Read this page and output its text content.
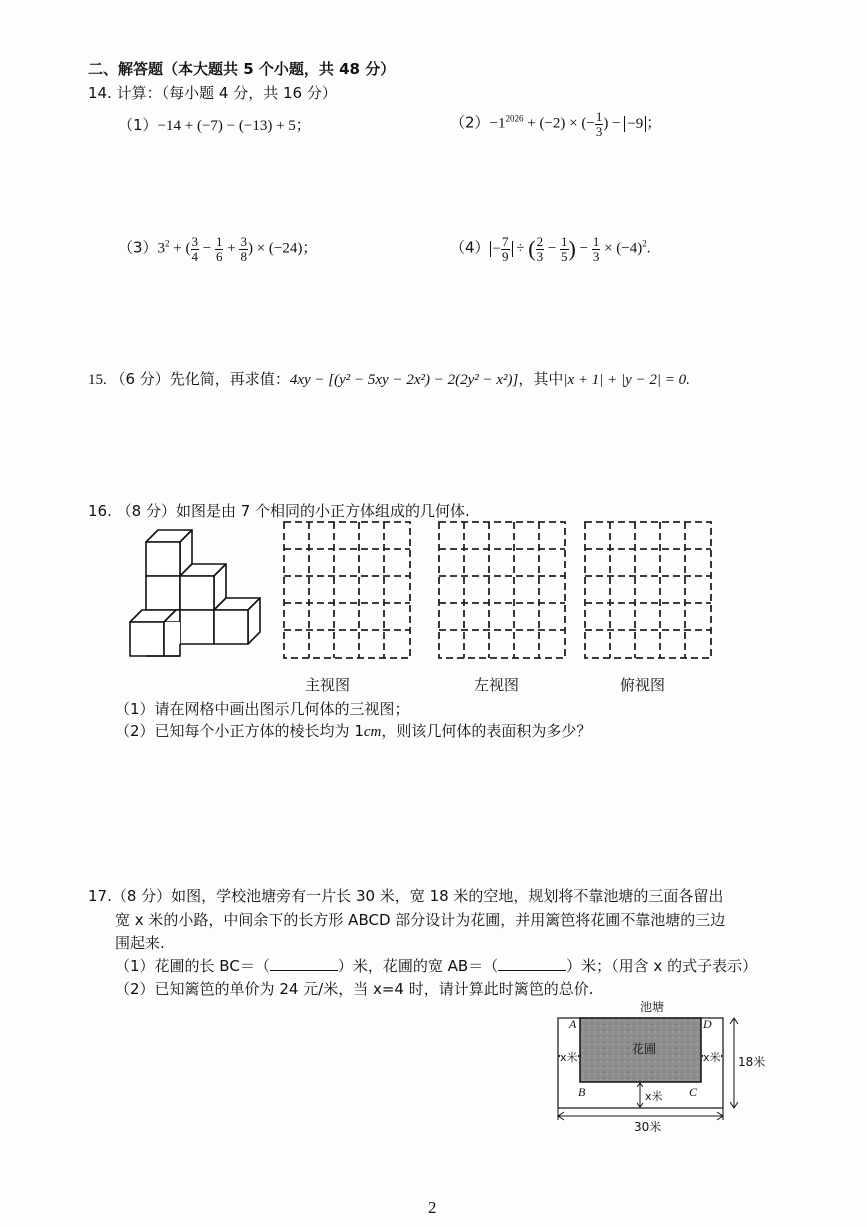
二、解答题（本大题共 5 个小题，共 48 分）
14. 计算：（每小题 4 分，共 16 分）
（1）−14 + (−7) − (−13) + 5；	$(2)-1^{2026} + (-2)$ × (− $\frac{1}{3}$ ) − −9 ；
$(3)3^2$ + ( $\frac{3}{4} - \frac{1}{6} + \frac{3}{8}$ ) × (−24)；	$(4) - \frac{7}{9}$ ÷ ( $\frac{2}{3} - \frac{1}{5}$ ) − $\frac{1}{3} \times (-4)^2$.
15. （6 分）先化简，再求值：4xy − [(y² − 5xy − 2x²) − 2(2y² − x²)]，其中|x + 1| + |y − 2| = 0.
16. （8 分）如图是由 7 个相同的小正方体组成的几何体.
主视图	左视图	俯视图
（1）请在网格中画出图示几何体的三视图；
（2）已知每个小正方体的棱长均为 1cm，则该几何体的表面积为多少？
17.（8 分）如图，学校池塘旁有一片长 30 米，宽 18 米的空地，规划将不靠池塘的三面各留出
宽 x 米的小路，中间余下的长方形 ABCD 部分设计为花圃，并用篱笆将花圃不靠池塘的三边
围起来.
（1）花圃的长 BC＝（	）米，花圃的宽 AB＝（	）米；（用含 x 的式子表示）
（2）已知篱笆的单价为 24 元/米，当 x=4 时，请计算此时篱笆的总价.
池塘
A	D
B	C
花圃
x米	x米
x米
18米
30米
2
